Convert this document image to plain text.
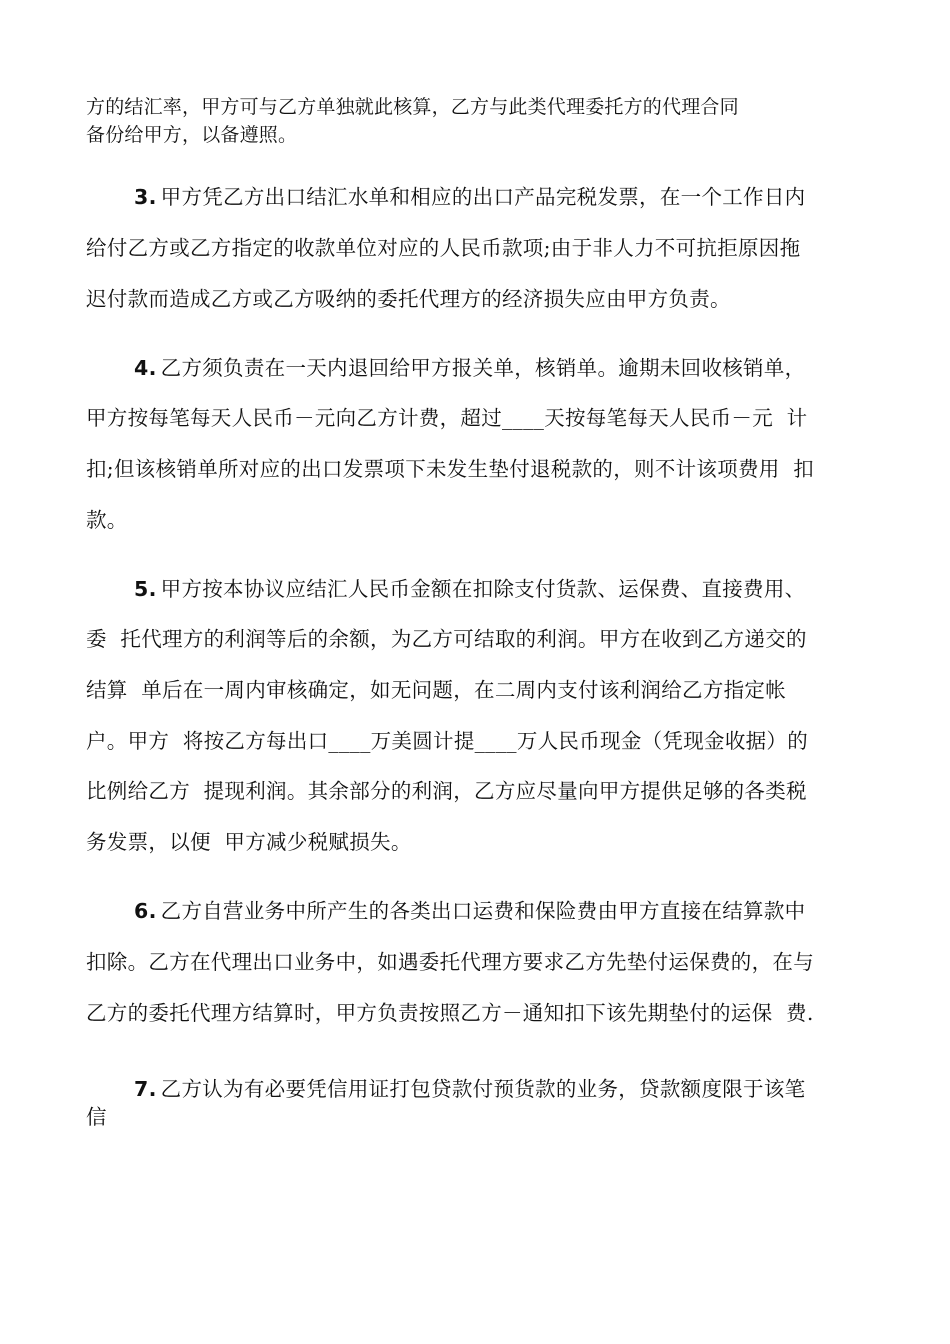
方的结汇率，甲方可与乙方单独就此核算，乙方与此类代理委托方的代理合同
备份给甲方，以备遵照。
3. 甲方凭乙方出口结汇水单和相应的出口产品完税发票，在一个工作日内
给付乙方或乙方指定的收款单位对应的人民币款项;由于非人力不可抗拒原因拖
迟付款而造成乙方或乙方吸纳的委托代理方的经济损失应由甲方负责。
4. 乙方须负责在一天内退回给甲方报关单，核销单。逾期未回收核销单，
甲方按每笔每天人民币－元向乙方计费，超过____天按每笔每天人民币－元  计
扣;但该核销单所对应的出口发票项下未发生垫付退税款的，则不计该项费用  扣
款。
5. 甲方按本协议应结汇人民币金额在扣除支付货款、运保费、直接费用、
委  托代理方的利润等后的余额，为乙方可结取的利润。甲方在收到乙方递交的
结算  单后在一周内审核确定，如无问题，在二周内支付该利润给乙方指定帐
户。甲方  将按乙方每出口____万美圆计提____万人民币现金（凭现金收据）的
比例给乙方  提现利润。其余部分的利润，乙方应尽量向甲方提供足够的各类税
务发票，以便  甲方减少税赋损失。
6. 乙方自营业务中所产生的各类出口运费和保险费由甲方直接在结算款中
扣除。乙方在代理出口业务中，如遇委托代理方要求乙方先垫付运保费的，在与
乙方的委托代理方结算时，甲方负责按照乙方－通知扣下该先期垫付的运保  费.
7. 乙方认为有必要凭信用证打包贷款付预货款的业务，贷款额度限于该笔
信
